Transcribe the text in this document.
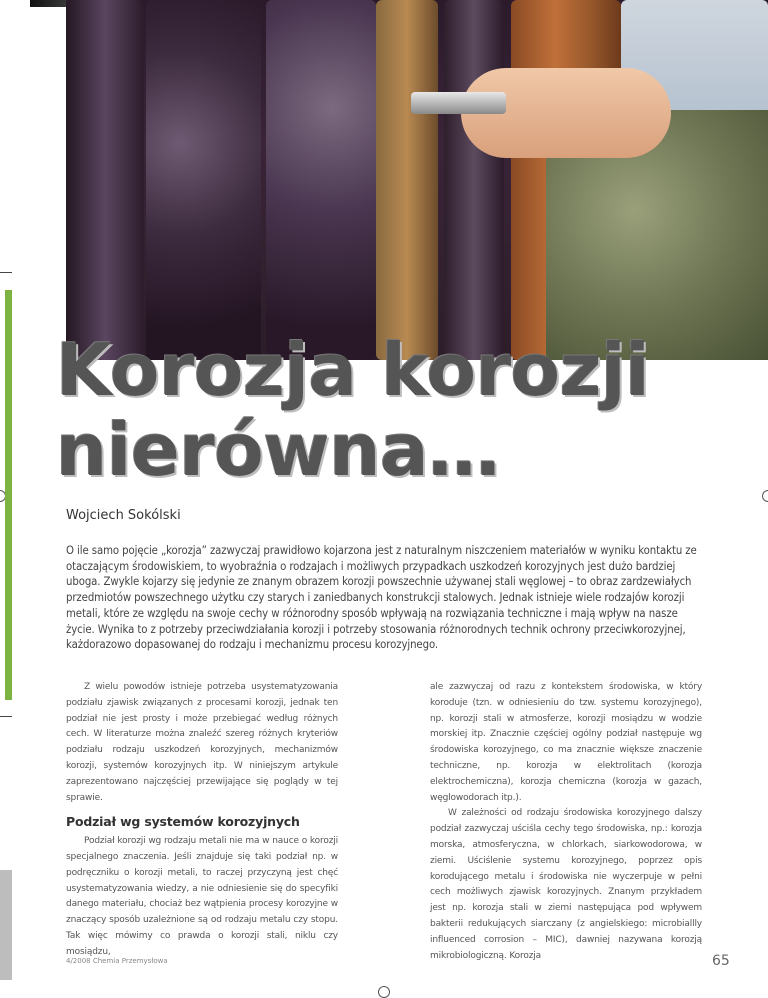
Korozja korozji
nierówna…
Wojciech Sokólski

O ile samo pojęcie „korozja” zazwyczaj prawidłowo kojarzona jest z naturalnym niszczeniem materiałów w wyniku kontaktu ze otaczającym środowiskiem, to wyobraźnia o rodzajach i możliwych przypadkach uszkodzeń korozyjnych jest dużo bardziej uboga. Zwykle kojarzy się jedynie ze znanym obrazem korozji powszechnie używanej stali węglowej – to obraz zardzewiałych przedmiotów powszechnego użytku czy starych i zaniedbanych konstrukcji stalowych. Jednak istnieje wiele rodzajów korozji metali, które ze względu na swoje cechy w różnorodny sposób wpływają na rozwiązania techniczne i mają wpływ na nasze życie. Wynika to z potrzeby przeciwdziałania korozji i potrzeby stosowania różnorodnych technik ochrony przeciwkorozyjnej, każdorazowo dopasowanej do rodzaju i mechanizmu procesu korozyjnego.

Z wielu powodów istnieje potrzeba usystematyzowania podziału zjawisk związanych z procesami korozji, jednak ten podział nie jest prosty i może przebiegać według różnych cech. W literaturze można znaleźć szereg różnych kryteriów podziału rodzaju uszkodzeń korozyjnych, mechanizmów korozji, systemów korozyjnych itp. W niniejszym artykule zaprezentowano najczęściej przewijające się poglądy w tej sprawie.

Podział wg systemów korozyjnych

Podział korozji wg rodzaju metali nie ma w nauce o korozji specjalnego znaczenia. Jeśli znajduje się taki podział np. w podręczniku o korozji metali, to raczej przyczyną jest chęć usystematyzowania wiedzy, a nie odniesienie się do specyfiki danego materiału, chociaż bez wątpienia procesy korozyjne w znaczący sposób uzależnione są od rodzaju metalu czy stopu. Tak więc mówimy co prawda o korozji stali, niklu czy mosiądzu,

ale zazwyczaj od razu z kontekstem środowiska, w który koroduje (tzn. w odniesieniu do tzw. systemu korozyjnego), np. korozji stali w atmosferze, korozji mosiądzu w wodzie morskiej itp. Znacznie częściej ogólny podział następuje wg środowiska korozyjnego, co ma znacznie większe znaczenie techniczne, np. korozja w elektrolitach (korozja elektrochemiczna), korozja chemiczna (korozja w gazach, węglowodorach itp.).

W zależności od rodzaju środowiska korozyjnego dalszy podział zazwyczaj uściśla cechy tego środowiska, np.: korozja morska, atmosferyczna, w chlorkach, siarkowodorowa, w ziemi. Uściślenie systemu korozyjnego, poprzez opis korodującego metalu i środowiska nie wyczerpuje w pełni cech możliwych zjawisk korozyjnych. Znanym przykładem jest np. korozja stali w ziemi następująca pod wpływem bakterii redukujących siarczany (z angielskiego: microbiallly influenced corrosion – MIC), dawniej nazywana korozją mikrobiologiczną. Korozja

4/2008 Chemia Przemysłowa	65
